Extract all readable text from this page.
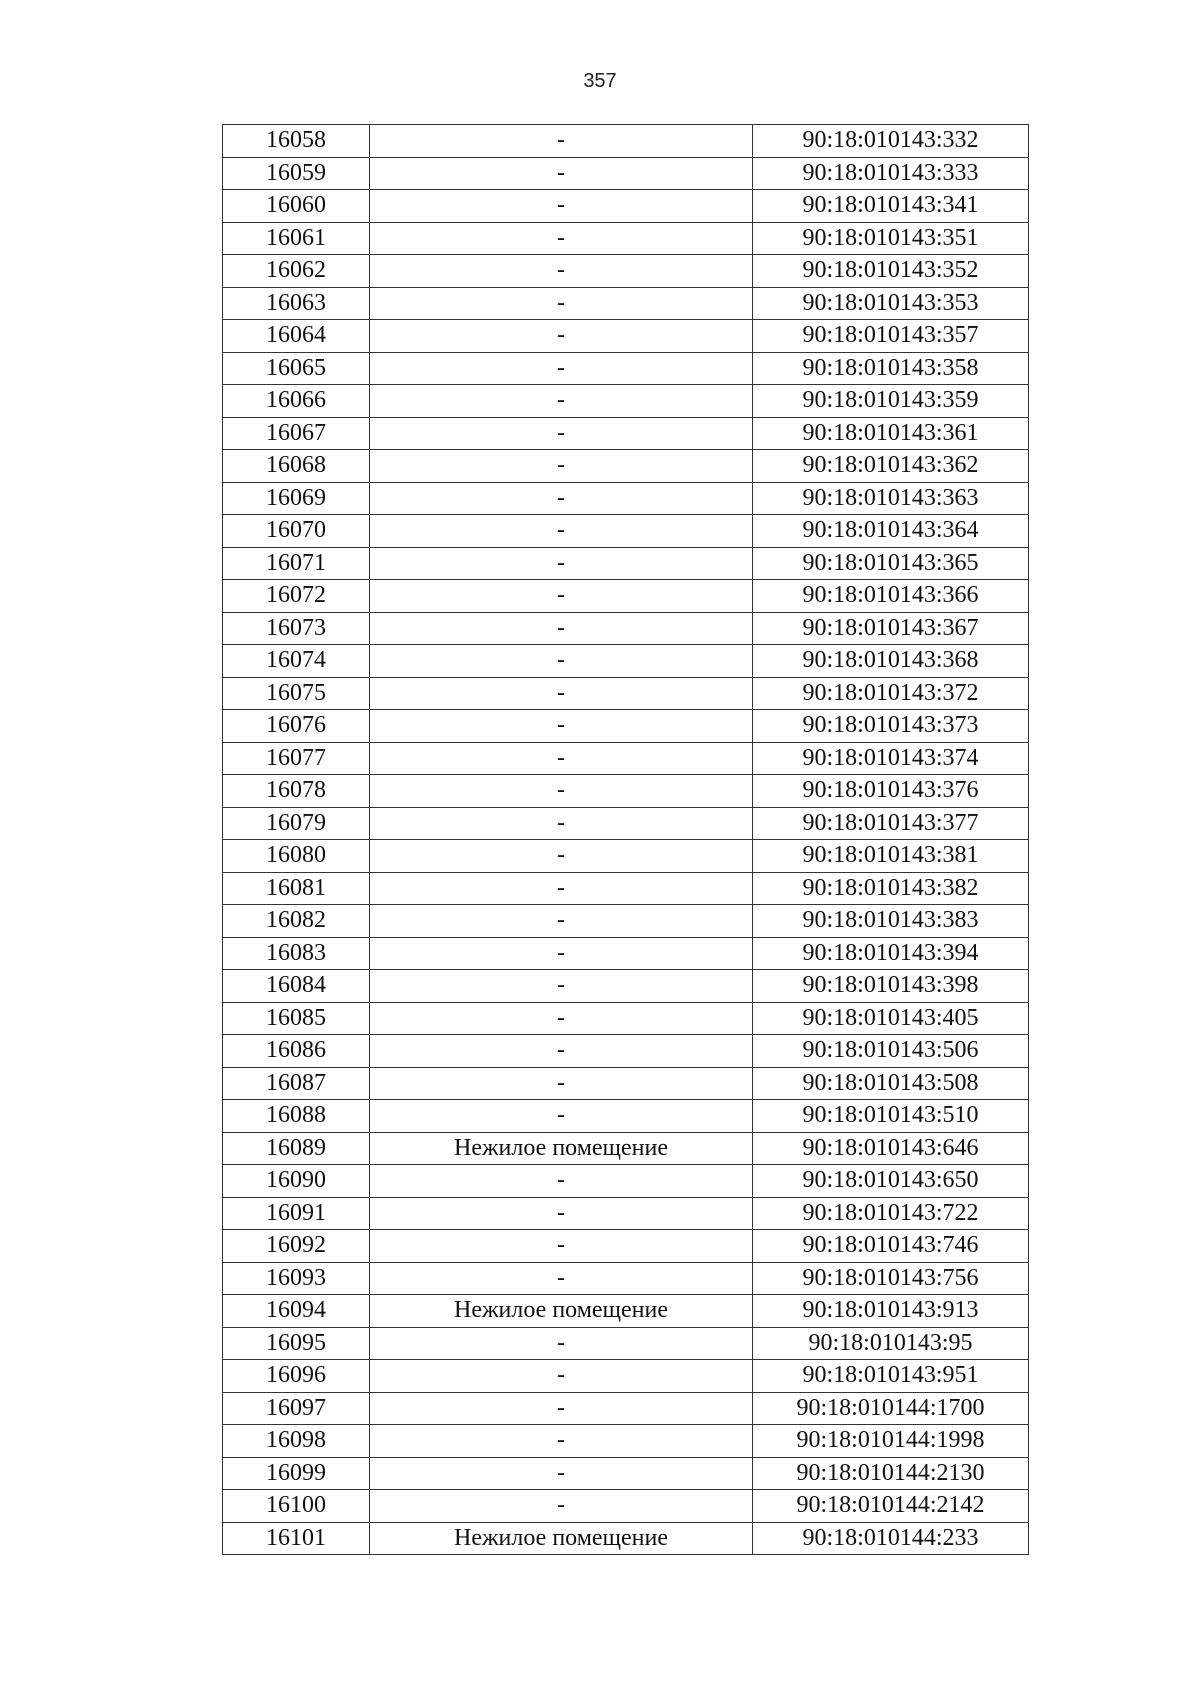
357
16058	-	90:18:010143:332
16059	-	90:18:010143:333
16060	-	90:18:010143:341
16061	-	90:18:010143:351
16062	-	90:18:010143:352
16063	-	90:18:010143:353
16064	-	90:18:010143:357
16065	-	90:18:010143:358
16066	-	90:18:010143:359
16067	-	90:18:010143:361
16068	-	90:18:010143:362
16069	-	90:18:010143:363
16070	-	90:18:010143:364
16071	-	90:18:010143:365
16072	-	90:18:010143:366
16073	-	90:18:010143:367
16074	-	90:18:010143:368
16075	-	90:18:010143:372
16076	-	90:18:010143:373
16077	-	90:18:010143:374
16078	-	90:18:010143:376
16079	-	90:18:010143:377
16080	-	90:18:010143:381
16081	-	90:18:010143:382
16082	-	90:18:010143:383
16083	-	90:18:010143:394
16084	-	90:18:010143:398
16085	-	90:18:010143:405
16086	-	90:18:010143:506
16087	-	90:18:010143:508
16088	-	90:18:010143:510
16089	Нежилое помещение	90:18:010143:646
16090	-	90:18:010143:650
16091	-	90:18:010143:722
16092	-	90:18:010143:746
16093	-	90:18:010143:756
16094	Нежилое помещение	90:18:010143:913
16095	-	90:18:010143:95
16096	-	90:18:010143:951
16097	-	90:18:010144:1700
16098	-	90:18:010144:1998
16099	-	90:18:010144:2130
16100	-	90:18:010144:2142
16101	Нежилое помещение	90:18:010144:233
